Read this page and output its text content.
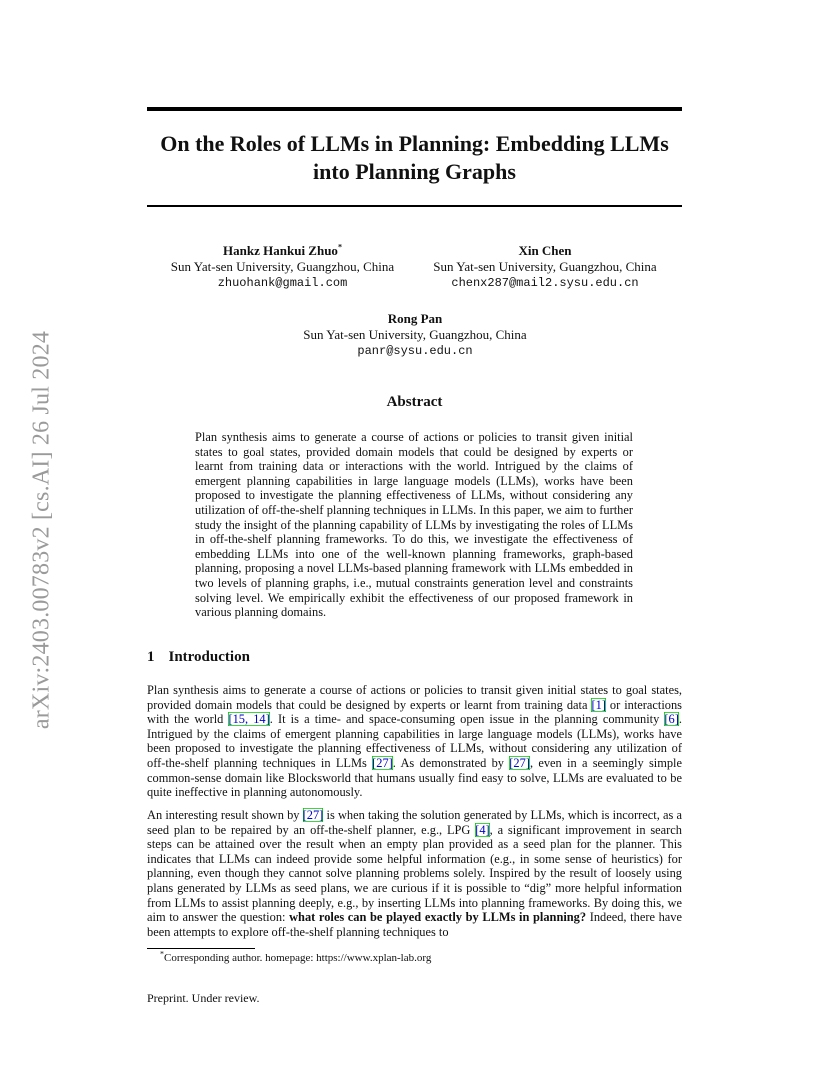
arXiv:2403.00783v2 [cs.AI] 26 Jul 2024
On the Roles of LLMs in Planning: Embedding LLMs
into Planning Graphs
Hankz Hankui Zhuo*
Sun Yat-sen University, Guangzhou, China
zhuohank@gmail.com
Xin Chen
Sun Yat-sen University, Guangzhou, China
chenx287@mail2.sysu.edu.cn
Rong Pan
Sun Yat-sen University, Guangzhou, China
panr@sysu.edu.cn
Abstract
Plan synthesis aims to generate a course of actions or policies to transit given initial states to goal states, provided domain models that could be designed by experts or learnt from training data or interactions with the world. Intrigued by the claims of emergent planning capabilities in large language models (LLMs), works have been proposed to investigate the planning effectiveness of LLMs, without considering any utilization of off-the-shelf planning techniques in LLMs. In this paper, we aim to further study the insight of the planning capability of LLMs by investigating the roles of LLMs in off-the-shelf planning frameworks. To do this, we investigate the effectiveness of embedding LLMs into one of the well-known planning frameworks, graph-based planning, proposing a novel LLMs-based planning framework with LLMs embedded in two levels of planning graphs, i.e., mutual constraints generation level and constraints solving level. We empirically exhibit the effectiveness of our proposed framework in various planning domains.
1 Introduction
Plan synthesis aims to generate a course of actions or policies to transit given initial states to goal states, provided domain models that could be designed by experts or learnt from training data [1] or interactions with the world [15, 14]. It is a time- and space-consuming open issue in the planning community [6]. Intrigued by the claims of emergent planning capabilities in large language models (LLMs), works have been proposed to investigate the planning effectiveness of LLMs, without considering any utilization of off-the-shelf planning techniques in LLMs [27]. As demonstrated by [27], even in a seemingly simple common-sense domain like Blocksworld that humans usually find easy to solve, LLMs are evaluated to be quite ineffective in planning autonomously.
An interesting result shown by [27] is when taking the solution generated by LLMs, which is incorrect, as a seed plan to be repaired by an off-the-shelf planner, e.g., LPG [4], a significant improvement in search steps can be attained over the result when an empty plan provided as a seed plan for the planner. This indicates that LLMs can indeed provide some helpful information (e.g., in some sense of heuristics) for planning, even though they cannot solve planning problems solely. Inspired by the result of loosely using plans generated by LLMs as seed plans, we are curious if it is possible to “dig” more helpful information from LLMs to assist planning deeply, e.g., by inserting LLMs into planning frameworks. By doing this, we aim to answer the question: what roles can be played exactly by LLMs in planning? Indeed, there have been attempts to explore off-the-shelf planning techniques to
*Corresponding author. homepage: https://www.xplan-lab.org
Preprint. Under review.
